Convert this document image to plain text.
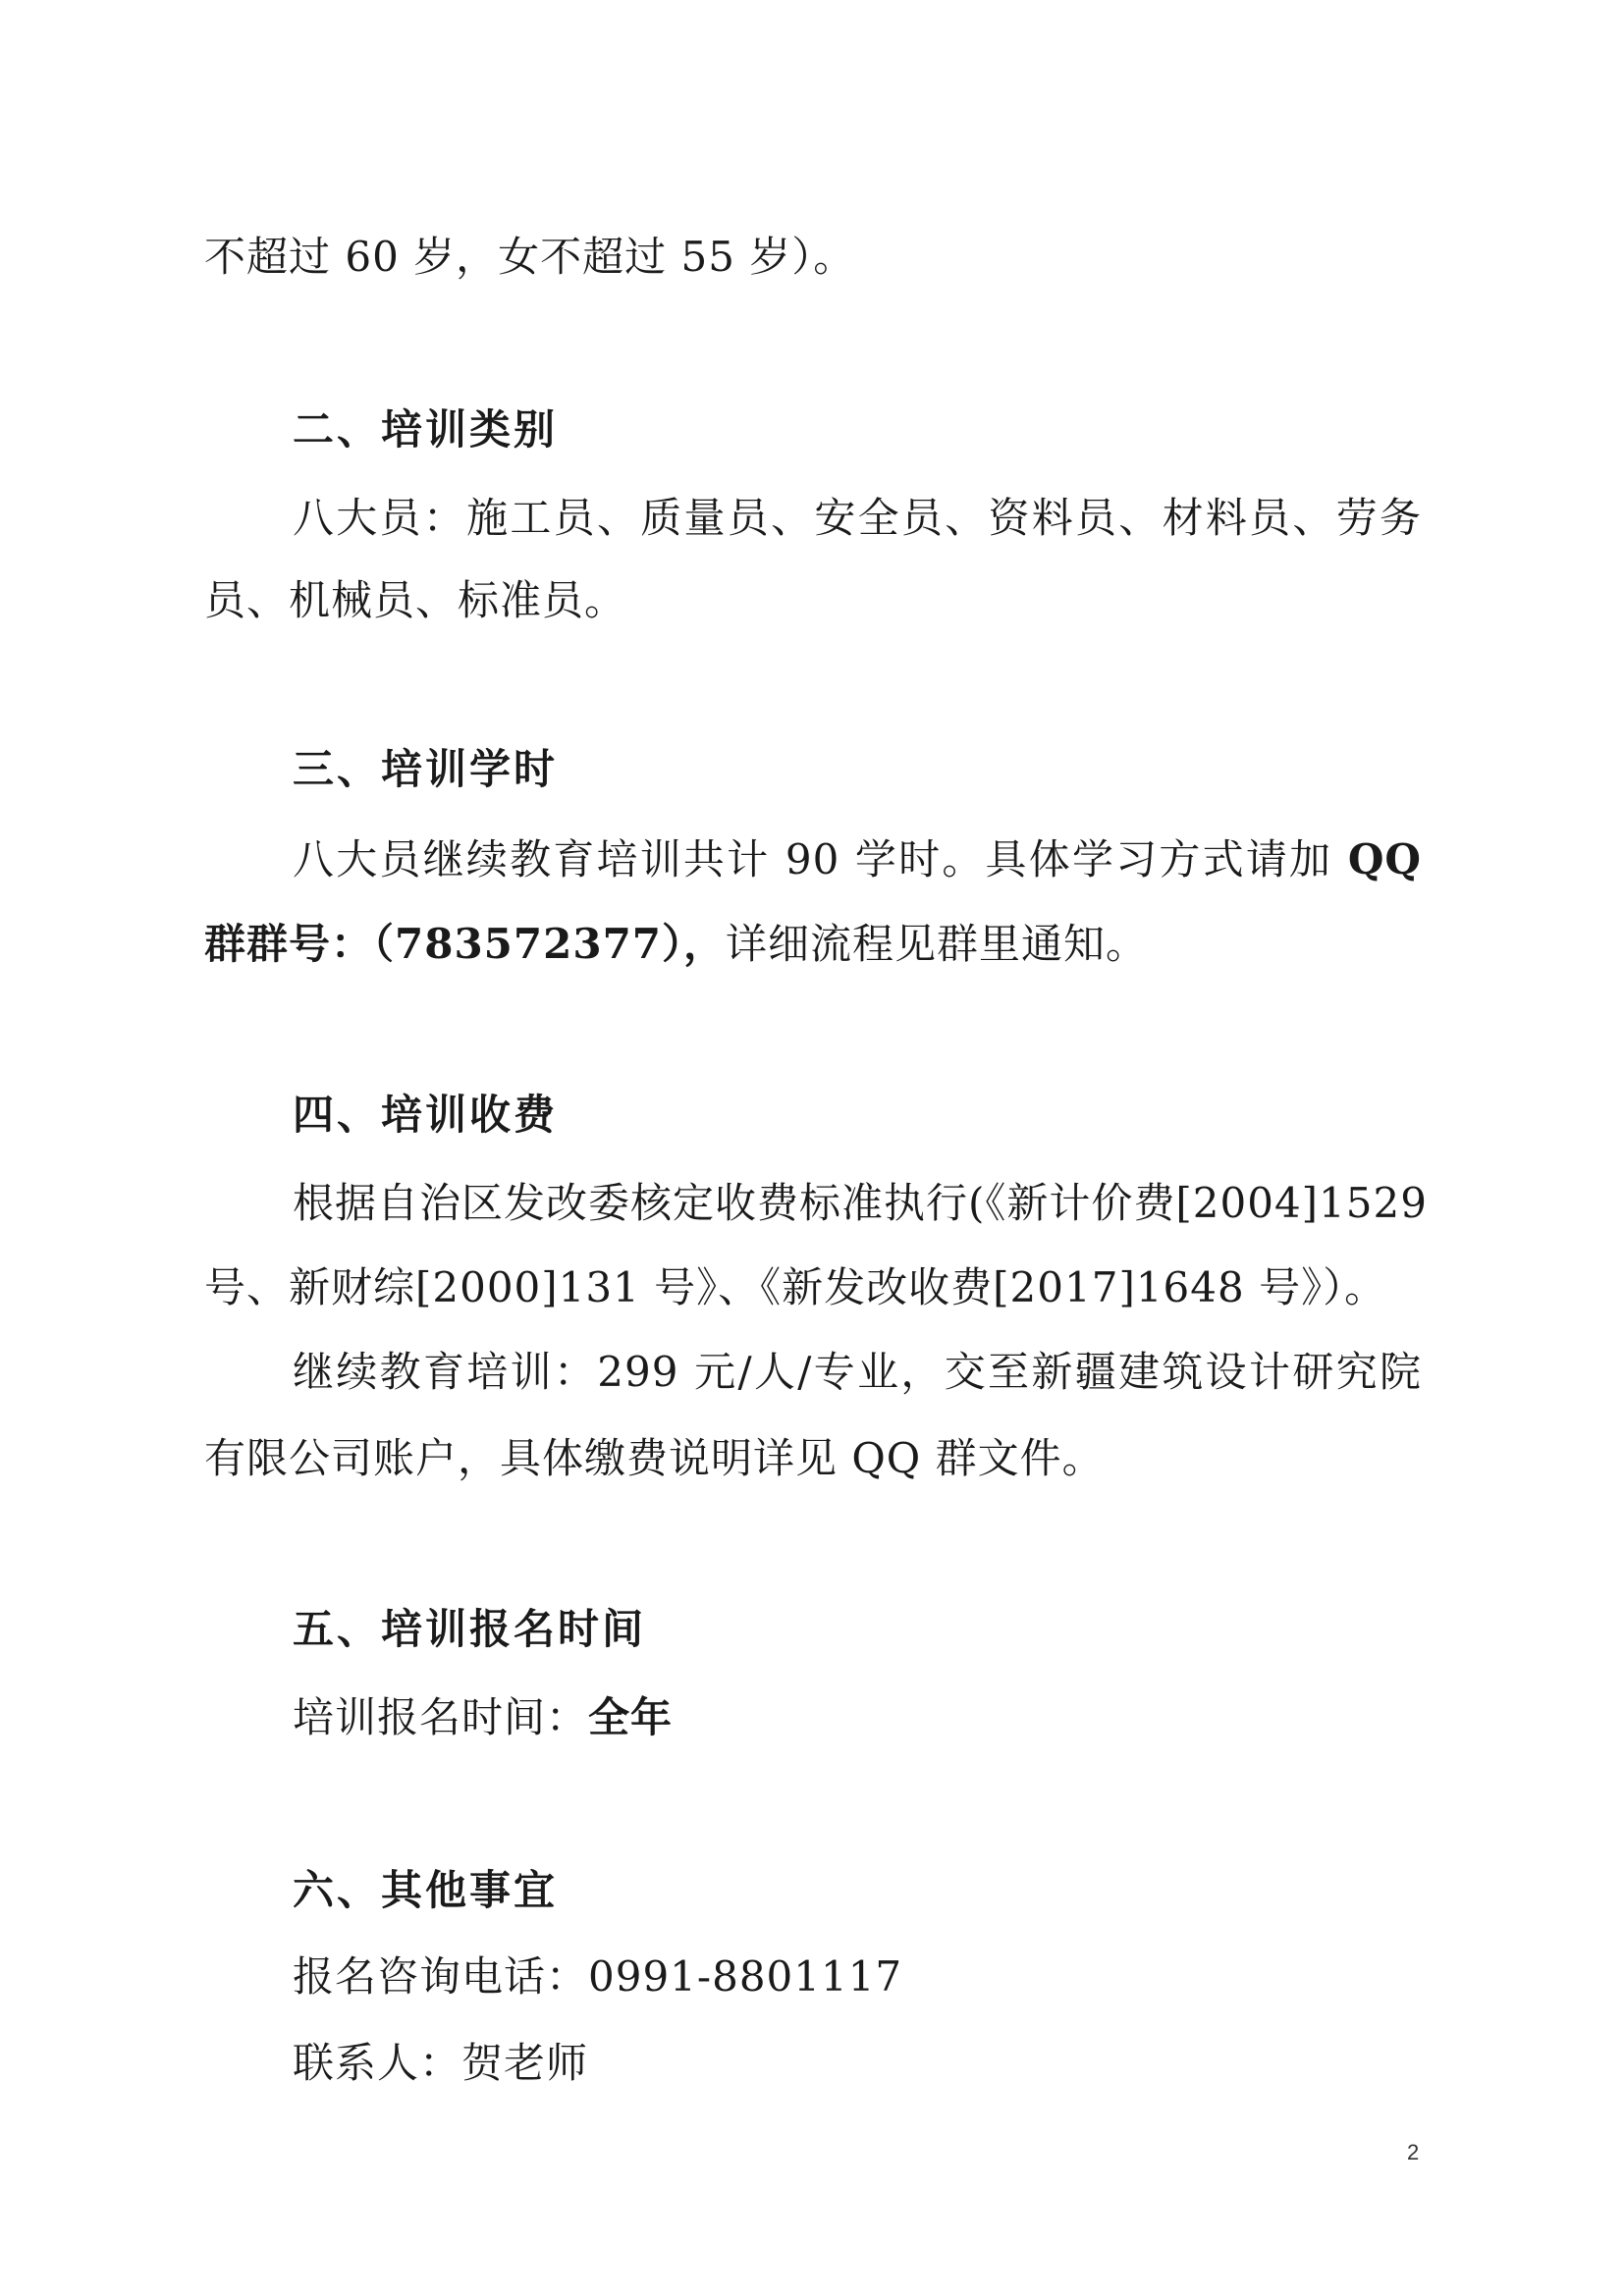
不超过 60 岁，女不超过 55 岁）。
二、培训类别
八大员：施工员、质量员、安全员、资料员、材料员、劳务
员、机械员、标准员。
三、培训学时
八大员继续教育培训共计 90 学时。具体学习方式请加 QQ
群群号：（783572377），详细流程见群里通知。
四、培训收费
根据自治区发改委核定收费标准执行(《新计价费[2004]1529
号、新财综[2000]131 号》、《新发改收费[2017]1648 号》）。
继续教育培训：299 元/人/专业，交至新疆建筑设计研究院
有限公司账户，具体缴费说明详见 QQ 群文件。
五、培训报名时间
培训报名时间：全年
六、其他事宜
报名咨询电话：0991-8801117
联系人：贺老师
2
